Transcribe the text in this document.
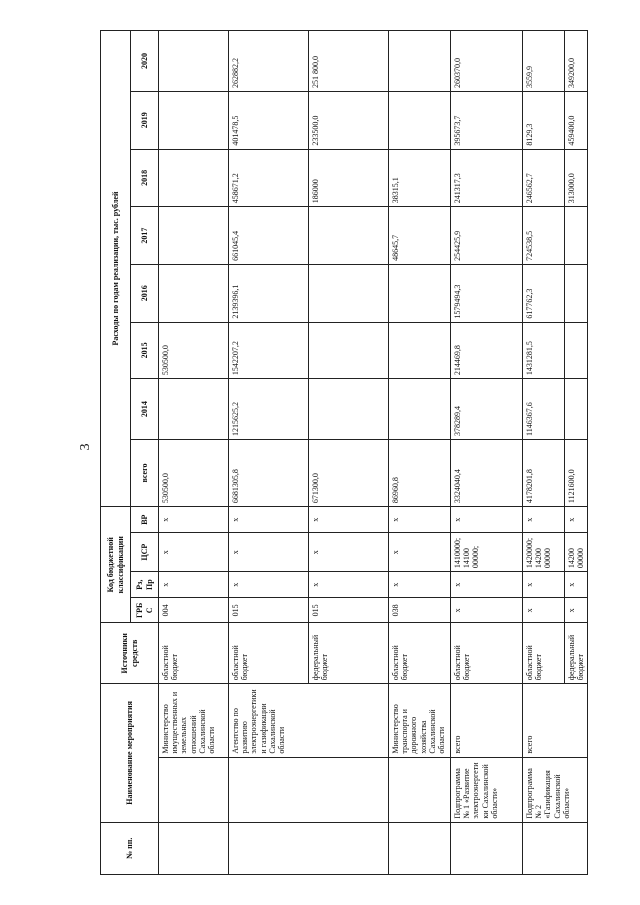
3
№ пп.	Наименование мероприятия		Источники средств	Код бюджетной классификации				Расходы по годам реализации, тыс. рублей							
				ГРБС	Рз, Пр	ЦСР	ВР	всего	2014	2015	2016	2017	2018	2019	2020
		Министерство имущественных и земельных отношений Сахалинской области	областной бюджет	004	x	x	x	530500,0		530500,0					
		Агентство по развитию электроэнергетики и газификации Сахалинской области	областной бюджет	015	x	x	x	6681305,8	1215625,2	1542207,2	2139396,1	661045,4	458671,2	401478,5	262882,2
			федеральный бюджет	015	x	x	x	671300,0					186000	233500,0	251 800,0
		Министерство транспорта и дорожного хозяйства Сахалинской области	областной бюджет	038	x	x	x	86960,8				48645,7	38315,1		
	Подпрограмма № 1 «Развитие электроэнергетики Сахалинской области»	всего	областной бюджет	x	x	1410000; 14100 00000;	x	3324040,4	378289,4	214469,8	1579494,3	254425,9	241317,3	395673,7	260370,0
	Подпрограмма № 2 «Газификация Сахалинской области»	всего	областной бюджет	x	x	1420000; 14200 00000	x	4178201,8	1146367,6	1431281,5	617762,3	724538,5	246562,7	8129,3	3559,9
			федеральный бюджет	x	x	14200 00000	x	1121600,0					313000,0	459400,0	349200,0
